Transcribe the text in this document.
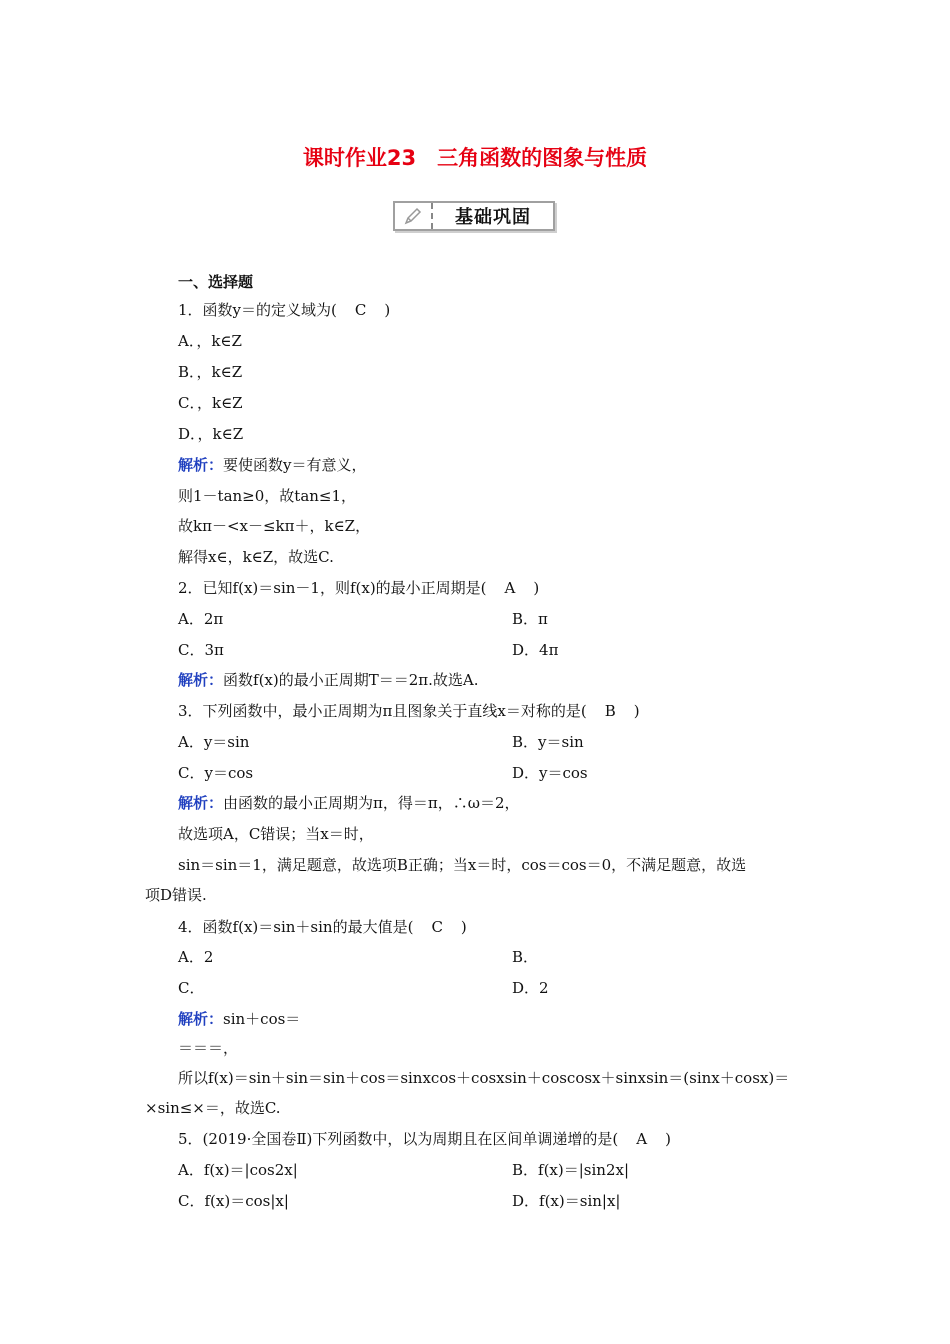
课时作业23　三角函数的图象与性质
基础巩固
一、选择题
1．函数y＝的定义域为( C )
A．，k∈Z
B．，k∈Z
C．，k∈Z
D．，k∈Z
解析：要使函数y＝有意义，
则1－tan≥0，故tan≤1，
故kπ－<x－≤kπ＋，k∈Z，
解得x∈，k∈Z，故选C.
2．已知f(x)＝sin－1，则f(x)的最小正周期是( A )
A．2π	B．π
C．3π	D．4π
解析：函数f(x)的最小正周期T＝＝2π.故选A.
3．下列函数中，最小正周期为π且图象关于直线x＝对称的是( B )
A．y＝sin	B．y＝sin
C．y＝cos	D．y＝cos
解析：由函数的最小正周期为π，得＝π，∴ω＝2，
故选项A，C错误；当x＝时，
sin＝sin＝1，满足题意，故选项B正确；当x＝时，cos＝cos＝0，不满足题意，故选
项D错误.
4．函数f(x)＝sin＋sin的最大值是( C )
A．2	B．
C．	D．2
解析：sin＋cos＝
＝＝＝，
所以f(x)＝sin＋sin＝sin＋cos＝sinxcos＋cosxsin＋coscosx＋sinxsin＝(sinx＋cosx)＝
×sin≤×＝，故选C.
5．(2019·全国卷Ⅱ)下列函数中，以为周期且在区间单调递增的是( A )
A．f(x)＝|cos2x|	B．f(x)＝|sin2x|
C．f(x)＝cos|x|	D．f(x)＝sin|x|
